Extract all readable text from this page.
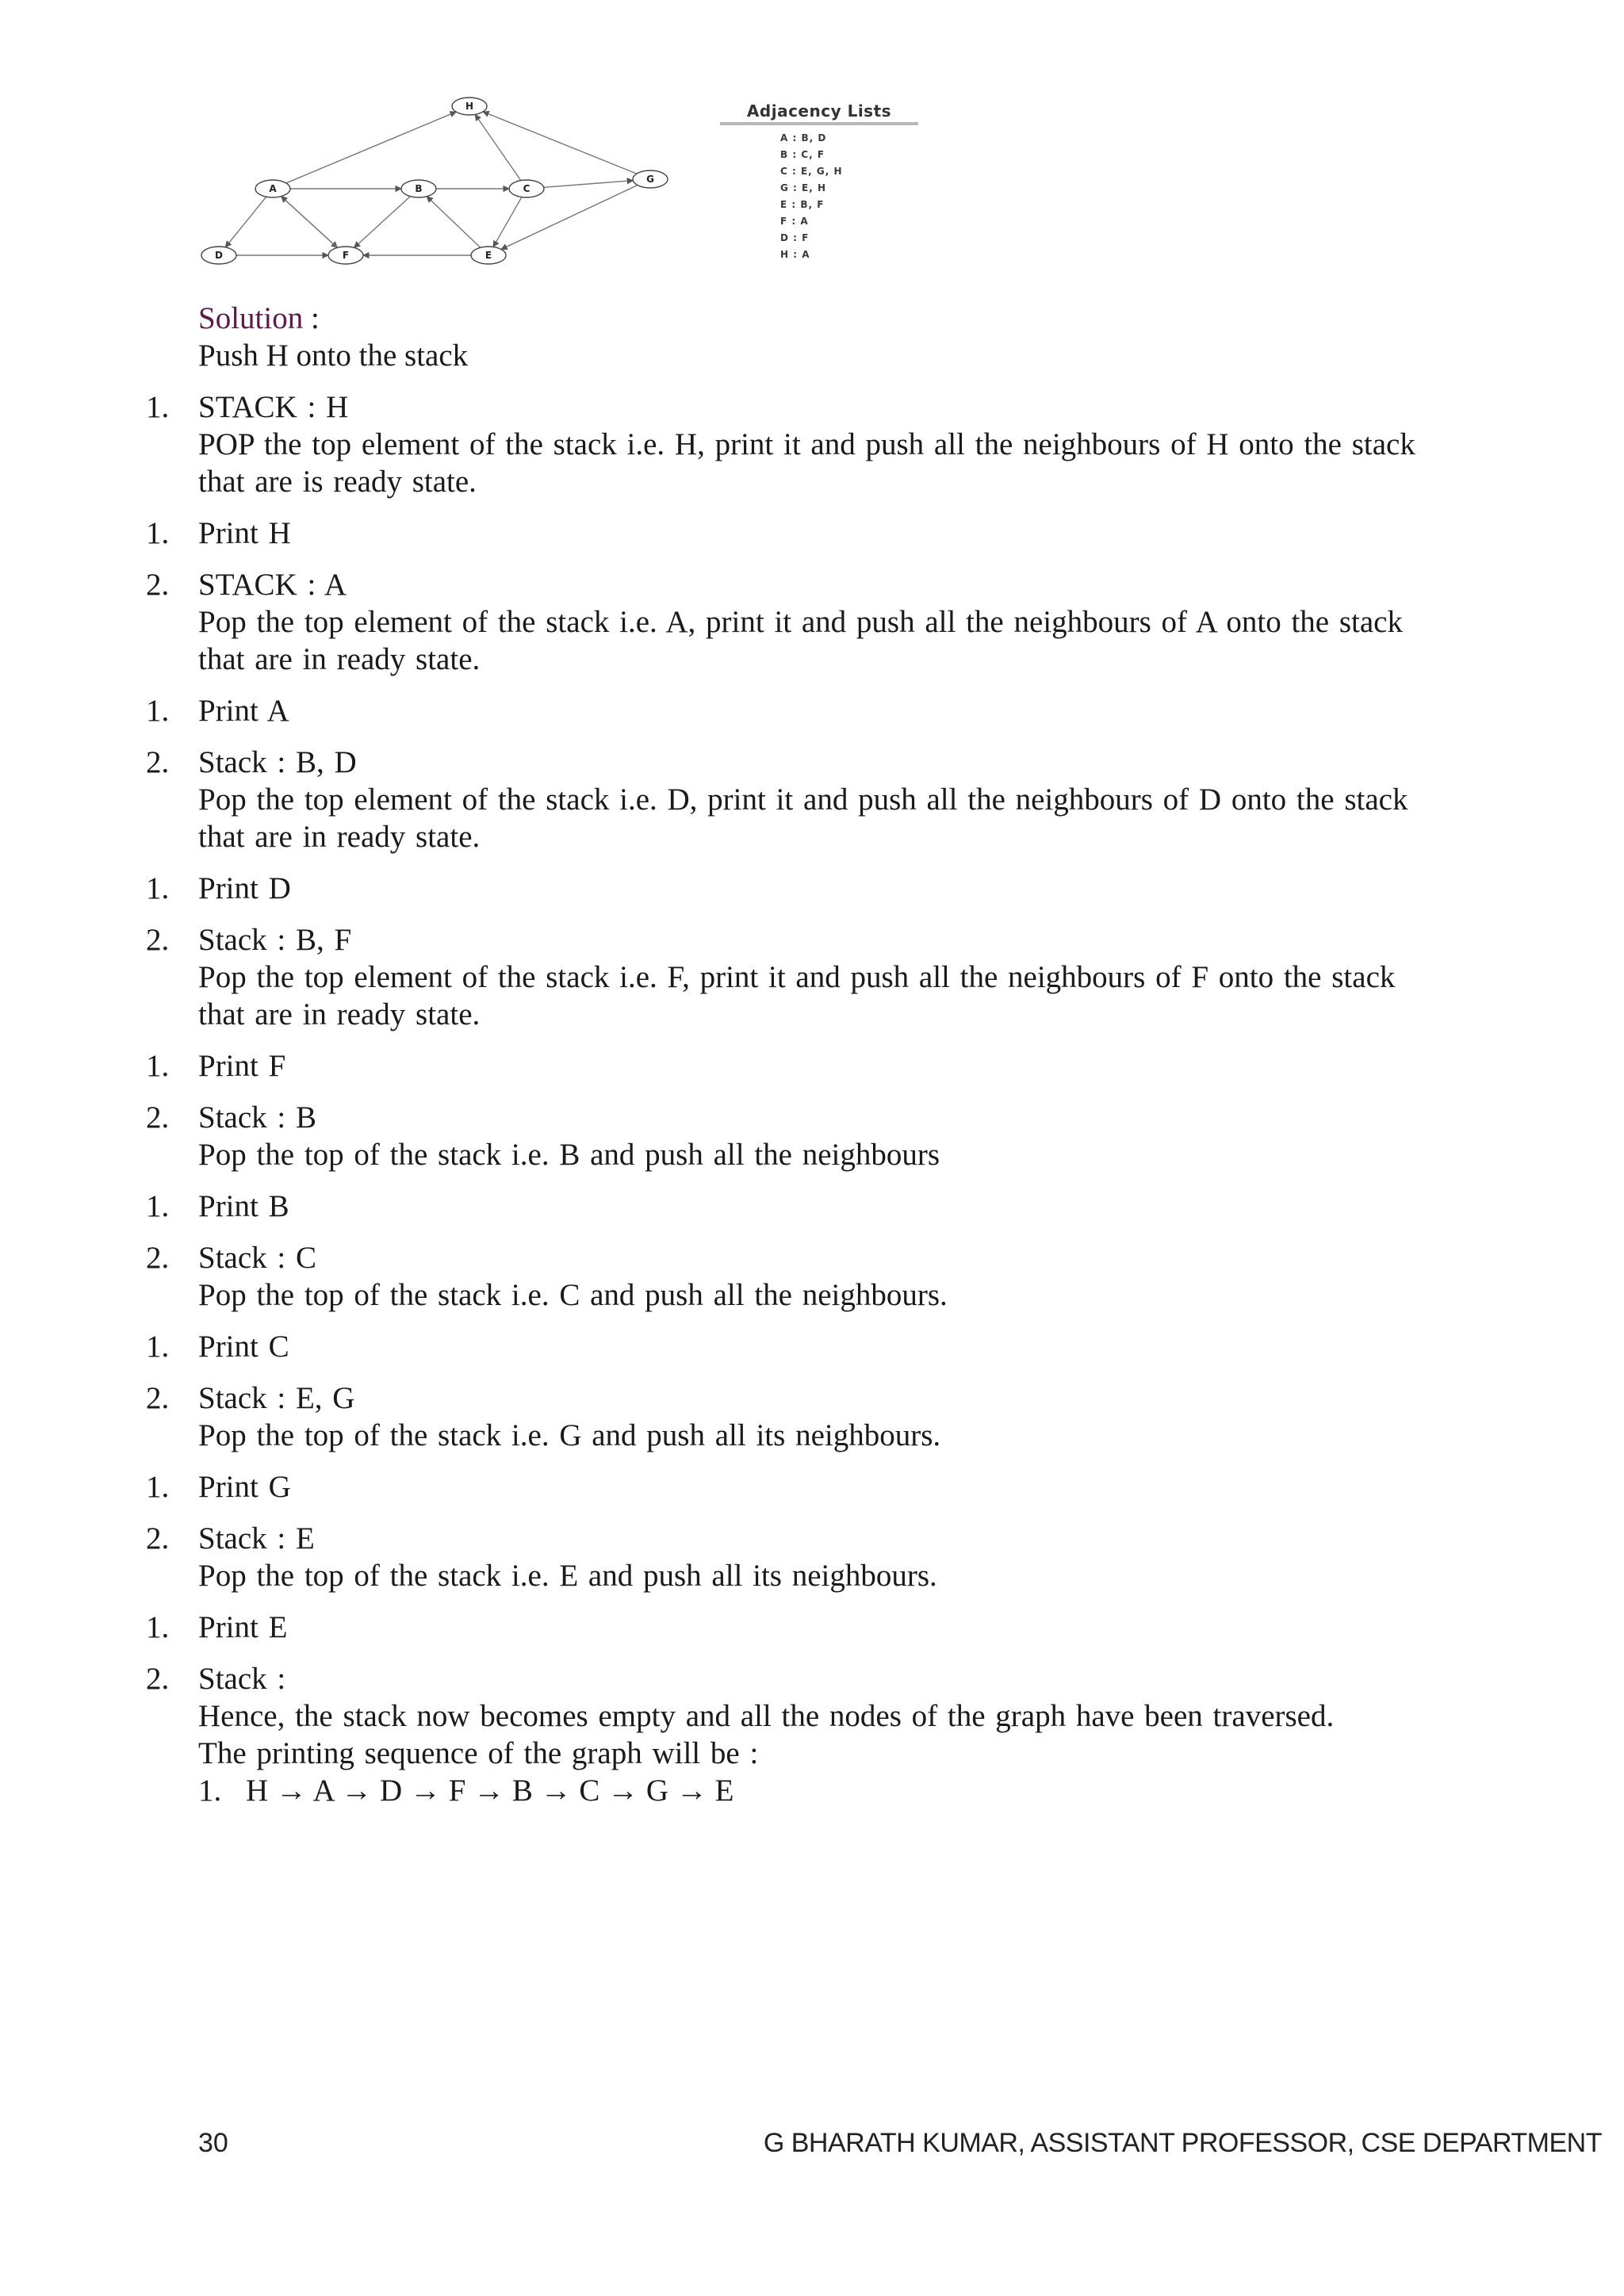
H
A	B	C
G
D	F	E
Adjacency Lists
A : B, D
B : C, F
C : E, G, H
G : E, H
E : B, F
F : A
D : F
H : A
Solution :
Push H onto the stack
1. STACK : H
POP the top element of the stack i.e. H, print it and push all the neighbours of H onto the stack that are is ready state.
1. Print H
2. STACK : A
Pop the top element of the stack i.e. A, print it and push all the neighbours of A onto the stack that are in ready state.
1. Print A
2. Stack : B, D
Pop the top element of the stack i.e. D, print it and push all the neighbours of D onto the stack that are in ready state.
1. Print D
2. Stack : B, F
Pop the top element of the stack i.e. F, print it and push all the neighbours of F onto the stack that are in ready state.
1. Print F
2. Stack : B
Pop the top of the stack i.e. B and push all the neighbours
1. Print B
2. Stack : C
Pop the top of the stack i.e. C and push all the neighbours.
1. Print C
2. Stack : E, G
Pop the top of the stack i.e. G and push all its neighbours.
1. Print G
2. Stack : E
Pop the top of the stack i.e. E and push all its neighbours.
1. Print E
2. Stack :
Hence, the stack now becomes empty and all the nodes of the graph have been traversed.
The printing sequence of the graph will be :
1. H → A → D → F → B → C → G → E
30	G BHARATH KUMAR, ASSISTANT PROFESSOR, CSE DEPARTMENT
